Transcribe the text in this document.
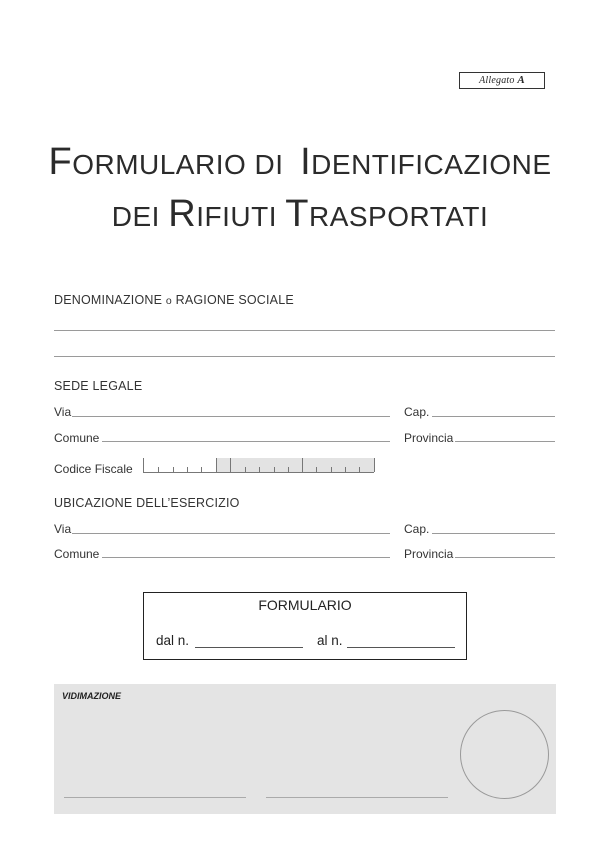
Allegato A
FORMULARIO DI IDENTIFICAZIONE
DEI RIFIUTI TRASPORTATI
DENOMINAZIONE o RAGIONE SOCIALE
SEDE LEGALE
Via	Cap.
Comune	Provincia
Codice Fiscale
UBICAZIONE DELL’ESERCIZIO
Via	Cap.
Comune	Provincia
FORMULARIO
dal n.	al n.
VIDIMAZIONE
